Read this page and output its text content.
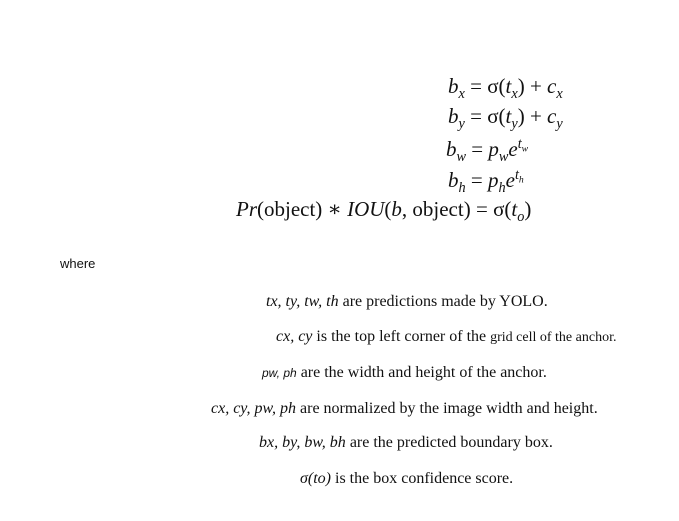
$b_x = \sigma(t_x) + c_x$
$b_y = \sigma(t_y) + c_y$
$b_w = p_we^{t_w}$
$b_h = p_he^{t_h}$
Pr(object) ∗ IOU(b, object) = $\sigma(t_o)$
where
tx, ty, tw, th are predictions made by YOLO.
cx, cy is the top left corner of the grid cell of the anchor.
pw, ph are the width and height of the anchor.
cx, cy, pw, ph are normalized by the image width and height.
bx, by, bw, bh are the predicted boundary box.
σ(to) is the box confidence score.
